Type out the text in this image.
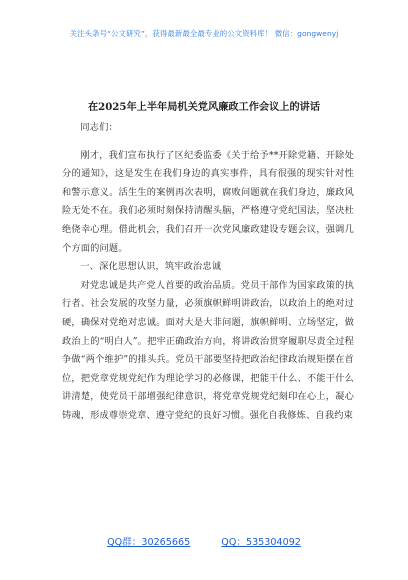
关注头条号“公文研究”，获得最新最全最专业的公文资料库！ 微信：gongwenyj
在2025年上半年局机关党风廉政工作会议上的讲话

同志们：

刚才，我们宣布执行了区纪委监委《关于给予**开除党籍、开除处分的通知》，这是发生在我们身边的真实事件，具有很强的现实针对性和警示意义。活生生的案例再次表明，腐败问题就在我们身边，廉政风险无处不在。我们必须时刻保持清醒头脑，严格遵守党纪国法，坚决杜绝侥幸心理。借此机会，我们召开一次党风廉政建设专题会议，强调几个方面的问题。

一、深化思想认识，筑牢政治忠诚

对党忠诚是共产党人首要的政治品质。党员干部作为国家政策的执行者、社会发展的攻坚力量，必须旗帜鲜明讲政治，以政治上的绝对过硬，确保对党绝对忠诚。面对大是大非问题，旗帜鲜明、立场坚定，做政治上的“明白人”。把牢正确政治方向，将讲政治贯穿履职尽责全过程争做“两个维护”的排头兵。党员干部要坚持把政治纪律政治规矩摆在首位，把党章党规党纪作为理论学习的必修课，把能干什么、不能干什么讲清楚，使党员干部增强纪律意识，将党章党规党纪刻印在心上，凝心铸魂，形成尊崇党章、遵守党纪的良好习惯。强化自我修炼、自我约束

QQ群：30265665	QQ：535304092
